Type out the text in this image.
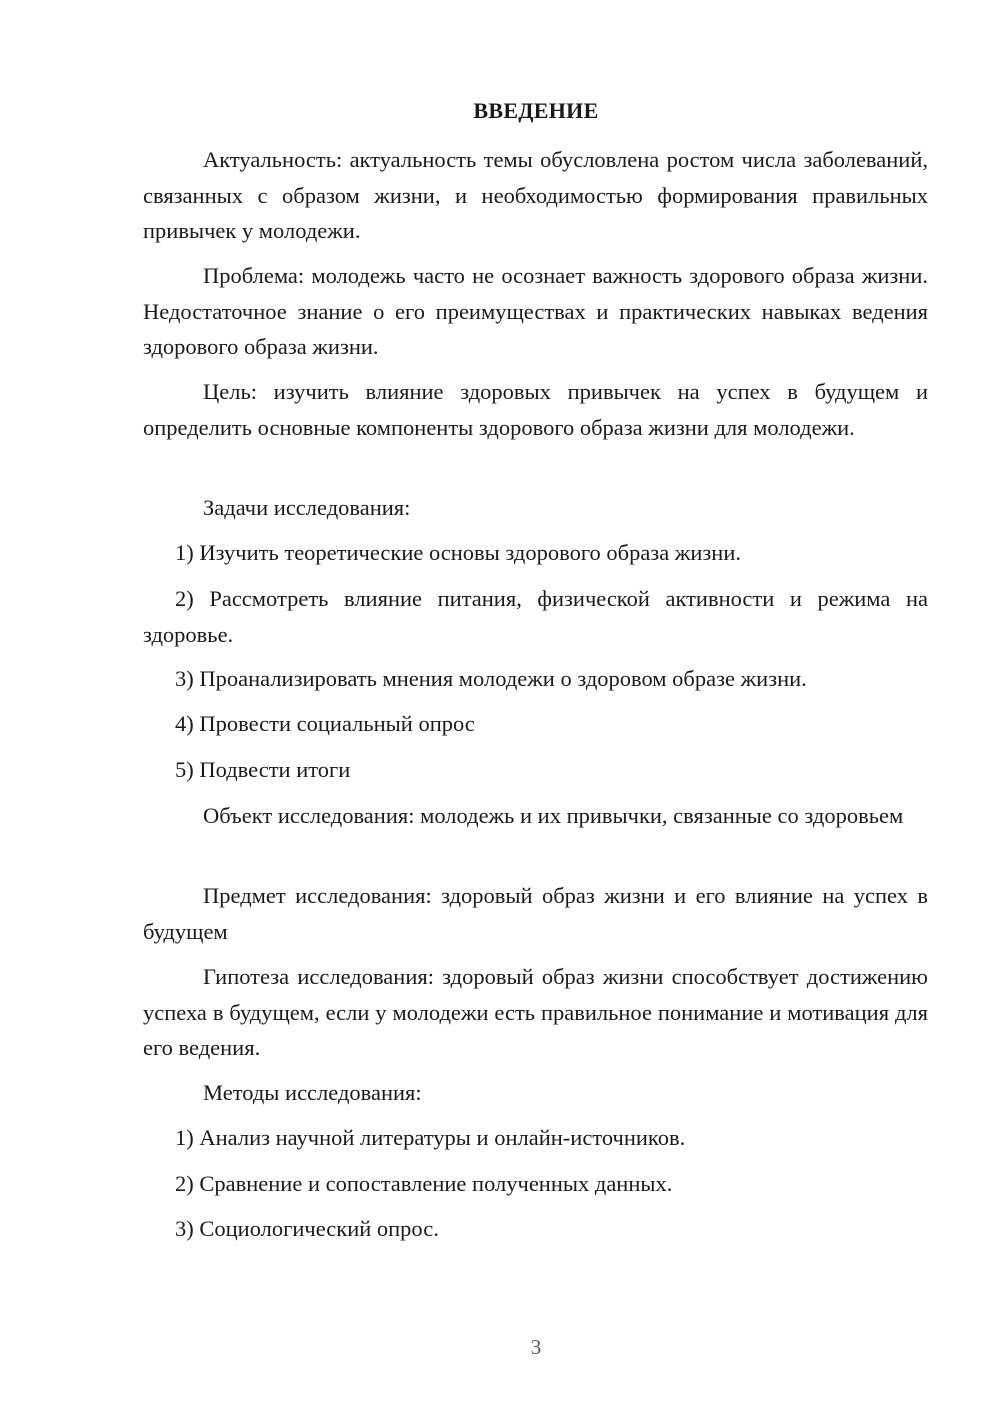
ВВЕДЕНИЕ

Актуальность: актуальность темы обусловлена ростом числа заболеваний, связанных с образом жизни, и необходимостью формирования правильных привычек у молодежи.

Проблема: молодежь часто не осознает важность здорового образа жизни. Недостаточное знание о его преимуществах и практических навыках ведения здорового образа жизни.

Цель: изучить влияние здоровых привычек на успех в будущем и определить основные компоненты здорового образа жизни для молодежи.

Задачи исследования:

1) Изучить теоретические основы здорового образа жизни.

2) Рассмотреть влияние питания, физической активности и режима на здоровье.

3) Проанализировать мнения молодежи о здоровом образе жизни.

4) Провести социальный опрос

5) Подвести итоги

Объект исследования: молодежь и их привычки, связанные со здоровьем

Предмет исследования: здоровый образ жизни и его влияние на успех в будущем

Гипотеза исследования: здоровый образ жизни способствует достижению успеха в будущем, если у молодежи есть правильное понимание и мотивация для его ведения.

Методы исследования:

1) Анализ научной литературы и онлайн-источников.

2) Сравнение и сопоставление полученных данных.

3) Социологический опрос.

3
